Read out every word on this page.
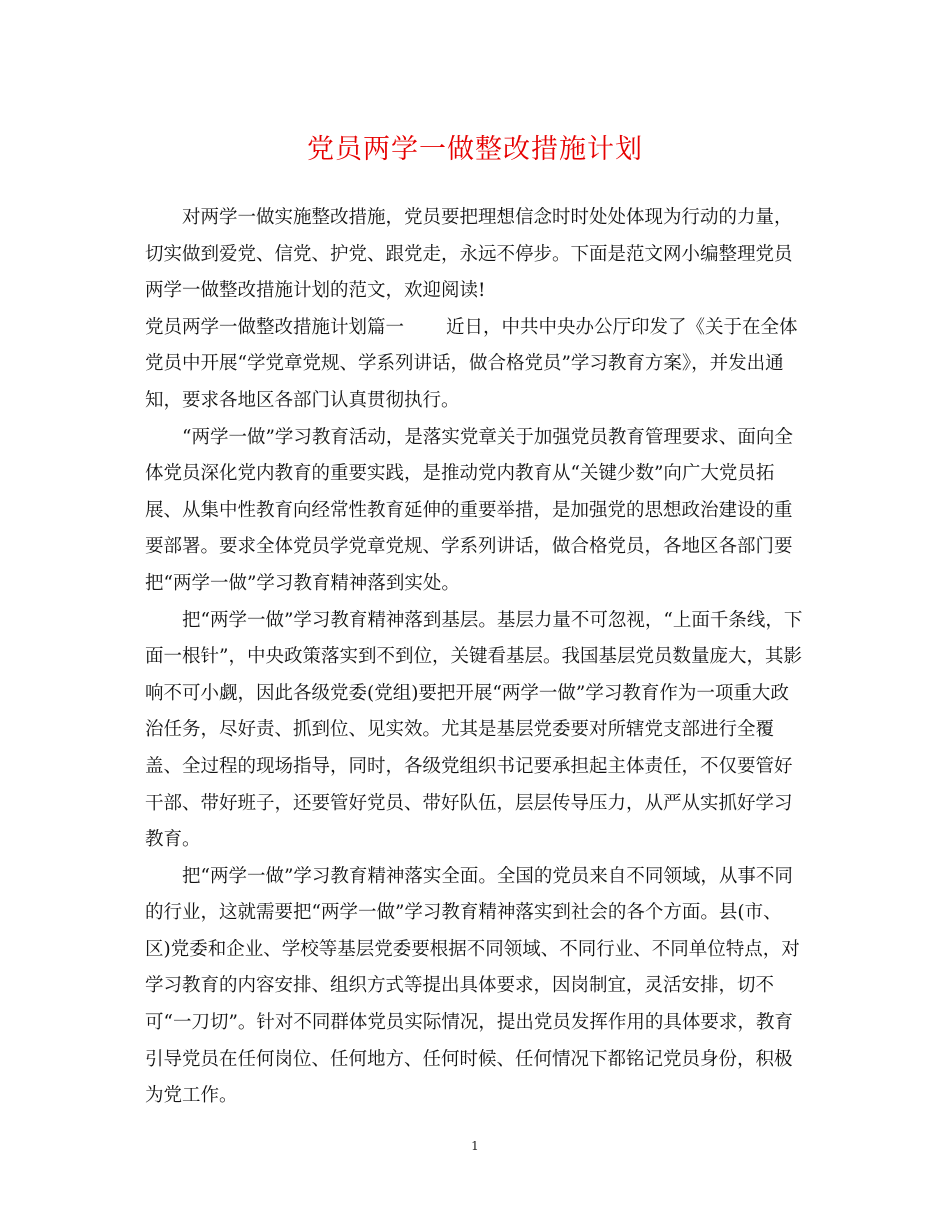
党员两学一做整改措施计划

对两学一做实施整改措施，党员要把理想信念时时处处体现为行动的力量，切实做到爱党、信党、护党、跟党走，永远不停步。下面是范文网小编整理党员两学一做整改措施计划的范文，欢迎阅读!

党员两学一做整改措施计划篇一 近日，中共中央办公厅印发了《关于在全体党员中开展“学党章党规、学系列讲话，做合格党员”学习教育方案》，并发出通知，要求各地区各部门认真贯彻执行。

“两学一做”学习教育活动，是落实党章关于加强党员教育管理要求、面向全体党员深化党内教育的重要实践，是推动党内教育从“关键少数”向广大党员拓展、从集中性教育向经常性教育延伸的重要举措，是加强党的思想政治建设的重要部署。要求全体党员学党章党规、学系列讲话，做合格党员，各地区各部门要把“两学一做”学习教育精神落到实处。

把“两学一做”学习教育精神落到基层。基层力量不可忽视，“上面千条线，下面一根针”，中央政策落实到不到位，关键看基层。我国基层党员数量庞大，其影响不可小觑，因此各级党委(党组)要把开展“两学一做”学习教育作为一项重大政治任务，尽好责、抓到位、见实效。尤其是基层党委要对所辖党支部进行全覆盖、全过程的现场指导，同时，各级党组织书记要承担起主体责任，不仅要管好干部、带好班子，还要管好党员、带好队伍，层层传导压力，从严从实抓好学习教育。

把“两学一做”学习教育精神落实全面。全国的党员来自不同领域，从事不同的行业，这就需要把“两学一做”学习教育精神落实到社会的各个方面。县(市、区)党委和企业、学校等基层党委要根据不同领域、不同行业、不同单位特点，对学习教育的内容安排、组织方式等提出具体要求，因岗制宜，灵活安排，切不可“一刀切”。针对不同群体党员实际情况，提出党员发挥作用的具体要求，教育引导党员在任何岗位、任何地方、任何时候、任何情况下都铭记党员身份，积极为党工作。

1
